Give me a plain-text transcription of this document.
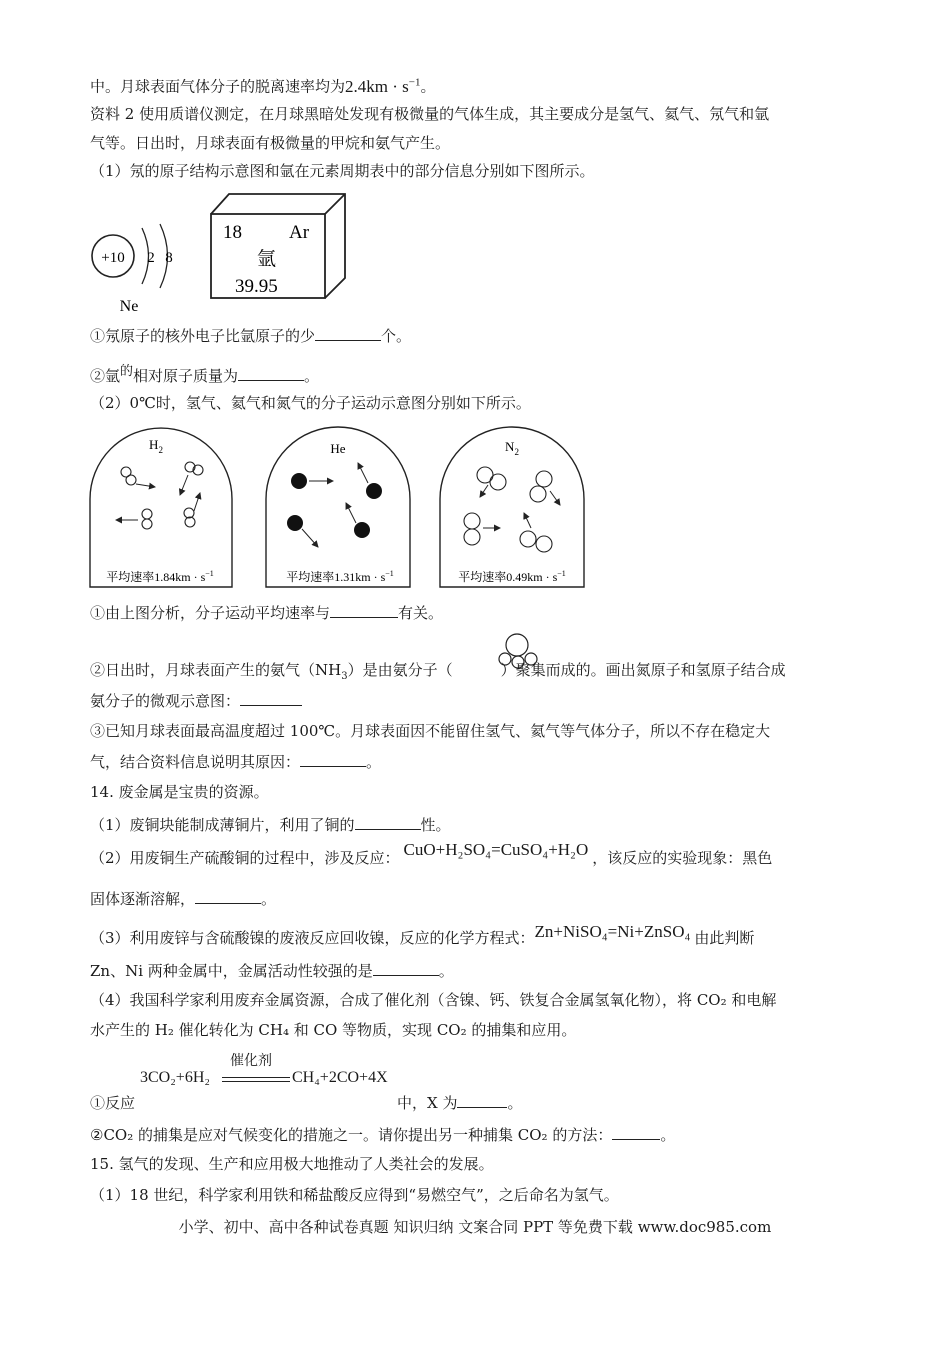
中。月球表面气体分子的脱离速率均为$2.4km \cdot s^{-1}$。
资料 2 使用质谱仪测定，在月球黑暗处发现有极微量的气体生成，其主要成分是氢气、氦气、氖气和氩
气等。日出时，月球表面有极微量的甲烷和氨气产生。
（1）氖的原子结构示意图和氩在元素周期表中的部分信息分别如下图所示。
+10 2 8
Ne
18 Ar
氩
39.95
①氖原子的核外电子比氩原子的少	个。
②氩$^的$相对原子质量为	。
（2）0℃时，氢气、氦气和氮气的分子运动示意图分别如下所示。
$H_2$
平均速率$1.84km \cdot s^{-1}$
He
平均速率$1.31km \cdot s^{-1}$
$N_2$
平均速率$0.49km \cdot s^{-1}$
①由上图分析，分子运动平均速率与	有关。
②日出时，月球表面产生的氨气$(NH_3)$是由氨分子（	）聚集而成的。画出氮原子和氢原子结合成
氨分子的微观示意图：
③已知月球表面最高温度超过 100℃。月球表面因不能留住氢气、氦气等气体分子，所以不存在稳定大
气，结合资料信息说明其原因：	。
14. 废金属是宝贵的资源。
（1）废铜块能制成薄铜片，利用了铜的	性。
（2）用废铜生产硫酸铜的过程中，涉及反应： CuO+H₂SO₄=CuSO₄+H₂O ，该反应的实验现象：黑色
固体逐渐溶解，	。
（3）利用废锌与含硫酸镍的废液反应回收镍，反应的化学方程式：Zn+NiSO₄=Ni+ZnSO₄ 由此判断
Zn、Ni 两种金属中，金属活动性较强的是	。
（4）我国科学家利用废弃金属资源，合成了催化剂（含镍、钙、铁复合金属氢氧化物），将 CO₂ 和电解
水产生的 H₂ 催化转化为 CH₄ 和 CO 等物质，实现 CO₂ 的捕集和应用。
催化剂
3CO₂+6H₂	CH₄+2CO+4X
①反应	中，X 为	。
②CO₂ 的捕集是应对气候变化的措施之一。请你提出另一种捕集 CO₂ 的方法：	。
15. 氢气的发现、生产和应用极大地推动了人类社会的发展。
（1）18 世纪，科学家利用铁和稀盐酸反应得到“易燃空气”，之后命名为氢气。
小学、初中、高中各种试卷真题 知识归纳 文案合同 PPT 等免费下载 www.doc985.com
